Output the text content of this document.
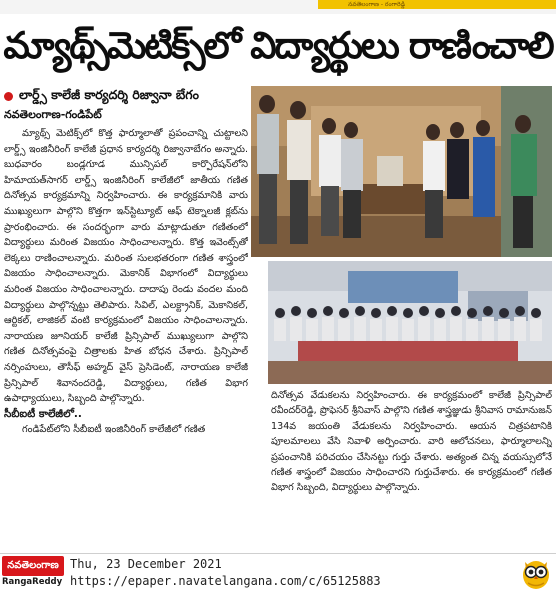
నవతెలంగాణ - రంగారెడ్డి
మ్యాథ్స్‌మెటిక్స్‌లో విద్యార్థులు రాణించాలి
లార్డ్స్ కాలేజీ కార్యదర్శి రిజ్వానా బేగం
నవతెలంగాణ-గండిపేట్

మ్యాథ్స్ మెటిక్స్‌లో కొత్త ఫార్మూలాతో ప్రపంచాన్ని చుట్టాలని లార్డ్స్ ఇంజినీరింగ్ కాలేజీ ప్రధాన కార్యదర్శి రిజ్వానాబేగం అన్నారు. బుధవారం బండ్లగూడ మున్సిపల్ కార్పొరేషన్‌లోని హిమాయత్‌సాగర్ లార్డ్స్ ఇంజినీరింగ్ కాలేజీలో జాతీయ గణిత దినోత్సవ కార్యక్రమాన్ని నిర్వహించారు. ఈ కార్యక్రమానికి వారు ముఖ్యులుగా పాల్గొని కొత్తగా ఇన్‌స్టిట్యూట్ ఆఫ్ టెక్నాలజీ క్లబ్‌ను ప్రారంభించారు. ఈ సందర్భంగా వారు మాట్లాడుతూ గణితంలో విద్యార్థులు మరింత విజయం సాధించాలన్నారు. కొత్త ఇవెంట్స్‌తో లెక్కలు రాణించాలన్నారు. మరింత సులభతరంగా గణిత శాస్త్రంలో విజయం సాధించాలన్నారు. మెకానిక్ విభాగంలో విద్యార్థులు మరింత విజయం సాధించాలన్నారు. దాదాపు రెండు వందల మంది విద్యార్థులు పాల్గొన్నట్టు తెలిపారు. సివిల్, ఎలక్ట్రానిక్, మెకానికల్, ఆర్టికల్, లాజికల్ వంటి కార్యక్రమంలో విజయం సాధించాలన్నారు. నారాయణ జూనియర్ కాలేజీ ప్రిన్సిపాల్ ముఖ్యులుగా పాల్గొని గణిత దినోత్సవంపై చిత్రాలకు హిత బోధన చేశారు. ప్రిన్సిపాల్ నర్సింహులు, తౌసీఫ్ అహ్మద్ వైస్ ప్రెసిడెంట్, నారాయణ కాలేజీ ప్రిన్సిపాల్ శివానందరెడ్డి, విద్యార్థులు, గణిత విభాగ ఉపాధ్యాయులు, సిబ్బంది పాల్గొన్నారు.

సీబీఐటీ కాలేజీలో..

గండిపేట్‌లోని సీబీఐటీ ఇంజినీరింగ్ కాలేజీలో గణిత

దినోత్సవ వేడుకలను నిర్వహించారు. ఈ కార్యక్రమంలో కాలేజీ ప్రిన్సిపాల్ రవీందర్‌రెడ్డి, ప్రొఫెసర్ శ్రీనివాస్ పాల్గొని గణిత శాస్త్రజ్ఞుడు శ్రీనివాస రామానుజన్ 134వ జయంతి వేడుకలను నిర్వహించారు. ఆయన చిత్రపటానికి పూలమాలలు వేసి నివాళి అర్పించారు. వారి ఆలోచనలు, ఫార్మూలాలన్ని ప్రపంచానికి పరిచయం చేసినట్టు గుర్తు చేశారు. అత్యంత చిన్న వయస్సులోనే గణిత శాస్త్రంలో విజయం సాధించారని గుర్తుచేశారు. ఈ కార్యక్రమంలో గణిత విభాగ సిబ్బంది, విద్యార్థులు పాల్గొన్నారు.
నవతెలంగాణ
RangaReddy
Thu, 23 December 2021
https://epaper.navatelangana.com/c/65125883
